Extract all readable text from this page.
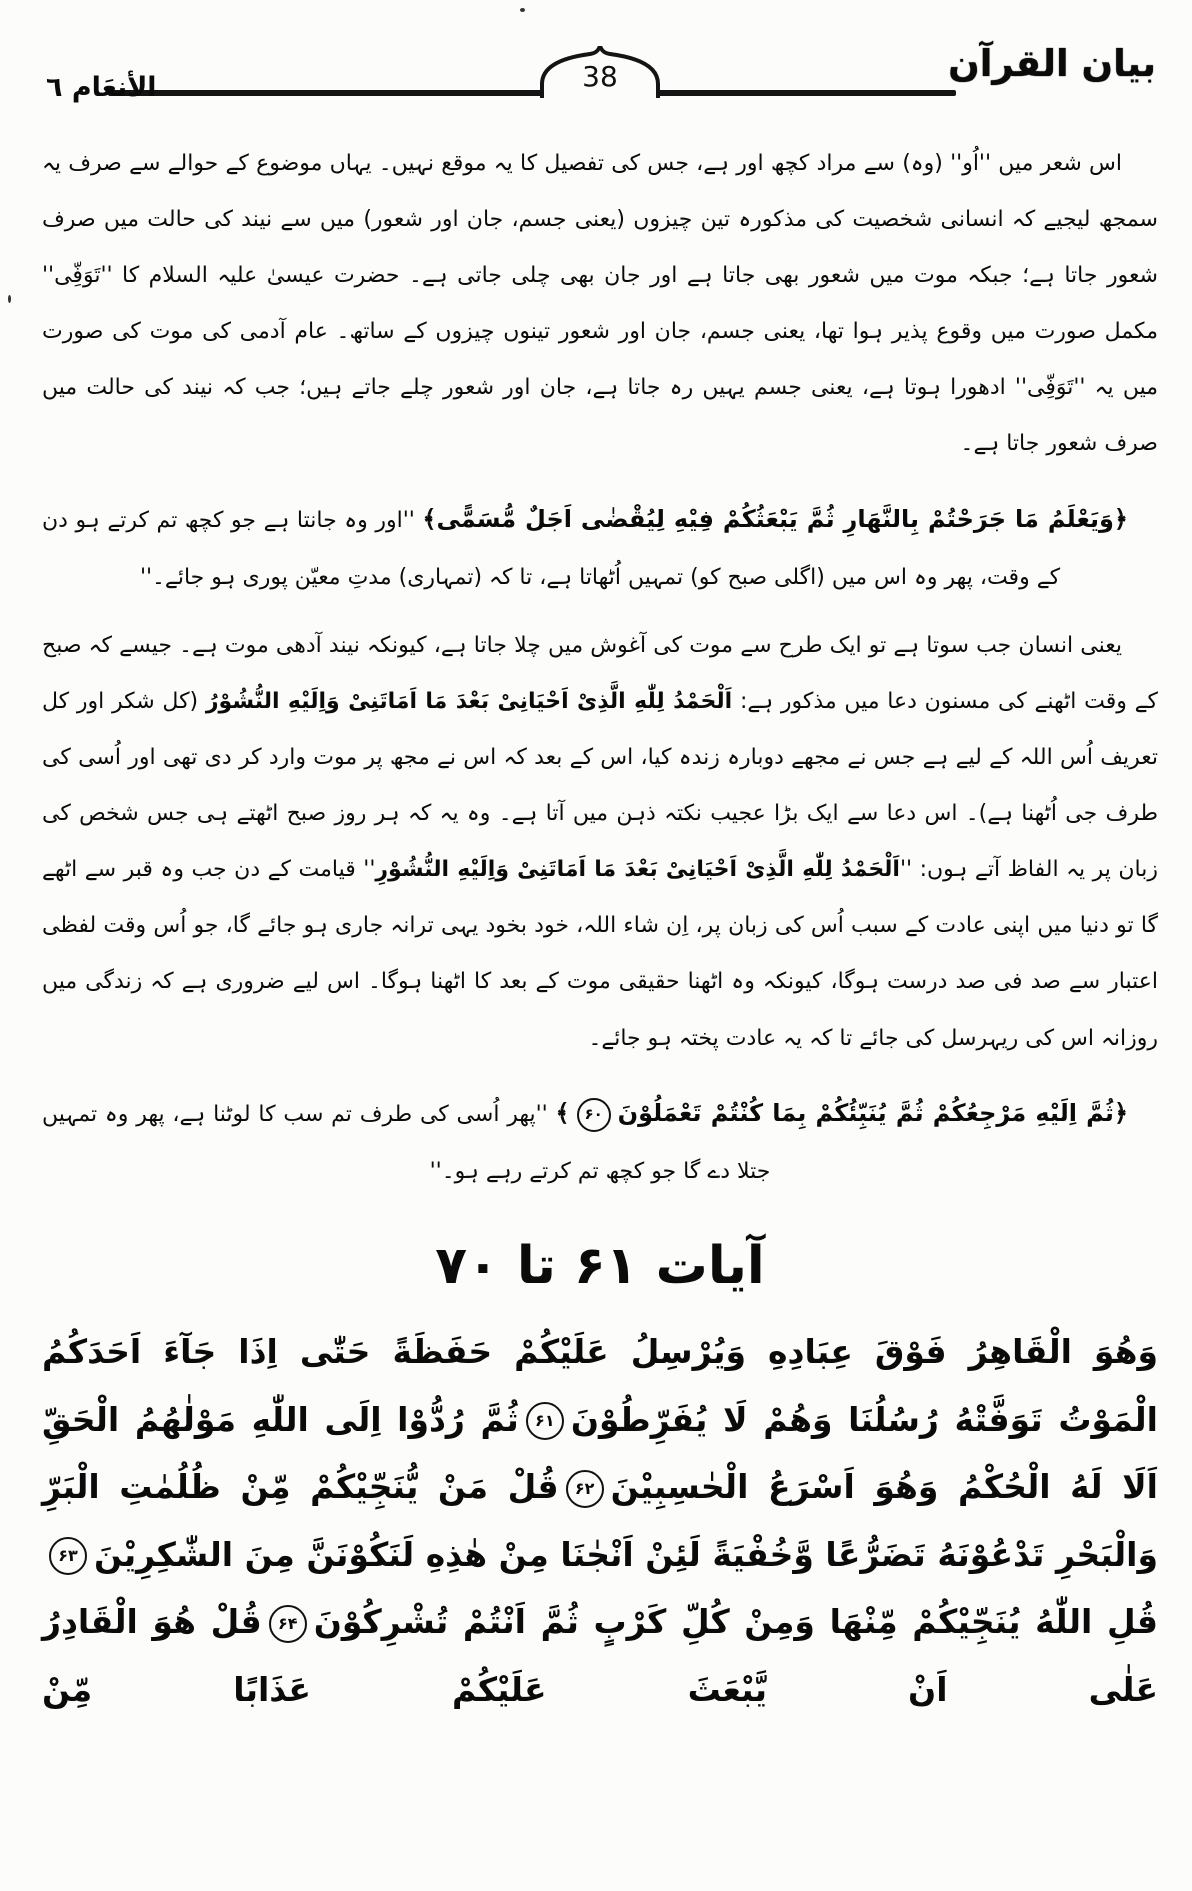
بیان القرآن
38
الأنعَام ٦

اس شعر میں ''اُو'' (وہ) سے مراد کچھ اور ہے، جس کی تفصیل کا یہ موقع نہیں۔ یہاں موضوع کے حوالے سے صرف یہ سمجھ لیجیے کہ انسانی شخصیت کی مذکورہ تین چیزوں (یعنی جسم، جان اور شعور) میں سے نیند کی حالت میں صرف شعور جاتا ہے؛ جبکہ موت میں شعور بھی جاتا ہے اور جان بھی چلی جاتی ہے۔ حضرت عیسیٰ علیہ السلام کا ''تَوَفِّی'' مکمل صورت میں وقوع پذیر ہوا تھا، یعنی جسم، جان اور شعور تینوں چیزوں کے ساتھ۔ عام آدمی کی موت کی صورت میں یہ ''تَوَفِّی'' ادھورا ہوتا ہے، یعنی جسم یہیں رہ جاتا ہے، جان اور شعور چلے جاتے ہیں؛ جب کہ نیند کی حالت میں صرف شعور جاتا ہے۔

﴿وَیَعْلَمُ مَا جَرَحْتُمْ بِالنَّهَارِ ثُمَّ یَبْعَثُكُمْ فِیْهِ لِیُقْضٰی اَجَلٌ مُّسَمًّی﴾ ''اور وہ جانتا ہے جو کچھ تم کرتے ہو دن کے وقت، پھر وہ اس میں (اگلی صبح کو) تمہیں اُٹھاتا ہے، تا کہ (تمہاری) مدتِ معیّن پوری ہو جائے۔''

یعنی انسان جب سوتا ہے تو ایک طرح سے موت کی آغوش میں چلا جاتا ہے، کیونکہ نیند آدھی موت ہے۔ جیسے کہ صبح کے وقت اٹھنے کی مسنون دعا میں مذکور ہے: اَلْحَمْدُ لِلّٰهِ الَّذِیْ اَحْیَانِیْ بَعْدَ مَا اَمَاتَنِیْ وَاِلَیْهِ النُّشُوْرُ (کل شکر اور کل تعریف اُس اللہ کے لیے ہے جس نے مجھے دوبارہ زندہ کیا، اس کے بعد کہ اس نے مجھ پر موت وارد کر دی تھی اور اُسی کی طرف جی اُٹھنا ہے)۔ اس دعا سے ایک بڑا عجیب نکتہ ذہن میں آتا ہے۔ وہ یہ کہ ہر روز صبح اٹھتے ہی جس شخص کی زبان پر یہ الفاظ آتے ہوں: ''اَلْحَمْدُ لِلّٰهِ الَّذِیْ اَحْیَانِیْ بَعْدَ مَا اَمَاتَنِیْ وَاِلَیْهِ النُّشُوْرِ'' قیامت کے دن جب وہ قبر سے اٹھے گا تو دنیا میں اپنی عادت کے سبب اُس کی زبان پر، اِن شاء اللہ، خود بخود یہی ترانہ جاری ہو جائے گا، جو اُس وقت لفظی اعتبار سے صد فی صد درست ہوگا، کیونکہ وہ اٹھنا حقیقی موت کے بعد کا اٹھنا ہوگا۔ اس لیے ضروری ہے کہ زندگی میں روزانہ اس کی ریہرسل کی جائے تا کہ یہ عادت پختہ ہو جائے۔

﴿ثُمَّ اِلَیْهِ مَرْجِعُكُمْ ثُمَّ یُنَبِّئُكُمْ بِمَا كُنْتُمْ تَعْمَلُوْنَ۶۰﴾ ''پھر اُسی کی طرف تم سب کا لوٹنا ہے، پھر وہ تمہیں جتلا دے گا جو کچھ تم کرتے رہے ہو۔''

آیات ۶۱ تا ۷۰

وَهُوَ الْقَاهِرُ فَوْقَ عِبَادِهِ وَیُرْسِلُ عَلَیْكُمْ حَفَظَةً حَتّٰی اِذَا جَآءَ اَحَدَكُمُ الْمَوْتُ تَوَفَّتْهُ رُسُلُنَا وَهُمْ لَا یُفَرِّطُوْنَ۶۱ثُمَّ رُدُّوْا اِلَی اللّٰهِ مَوْلٰهُمُ الْحَقِّ اَلَا لَهُ الْحُكْمُ وَهُوَ اَسْرَعُ الْحٰسِبِیْنَ۶۲قُلْ مَنْ یُّنَجِّیْكُمْ مِّنْ ظُلُمٰتِ الْبَرِّ وَالْبَحْرِ تَدْعُوْنَهُ تَضَرُّعًا وَّخُفْیَةً لَئِنْ اَنْجٰنَا مِنْ هٰذِهِ لَنَكُوْنَنَّ مِنَ الشّٰكِرِیْنَ۶۳قُلِ اللّٰهُ یُنَجِّیْكُمْ مِّنْهَا وَمِنْ كُلِّ كَرْبٍ ثُمَّ اَنْتُمْ تُشْرِكُوْنَ۶۴قُلْ هُوَ الْقَادِرُ عَلٰی اَنْ یَّبْعَثَ عَلَیْكُمْ عَذَابًا مِّنْ
